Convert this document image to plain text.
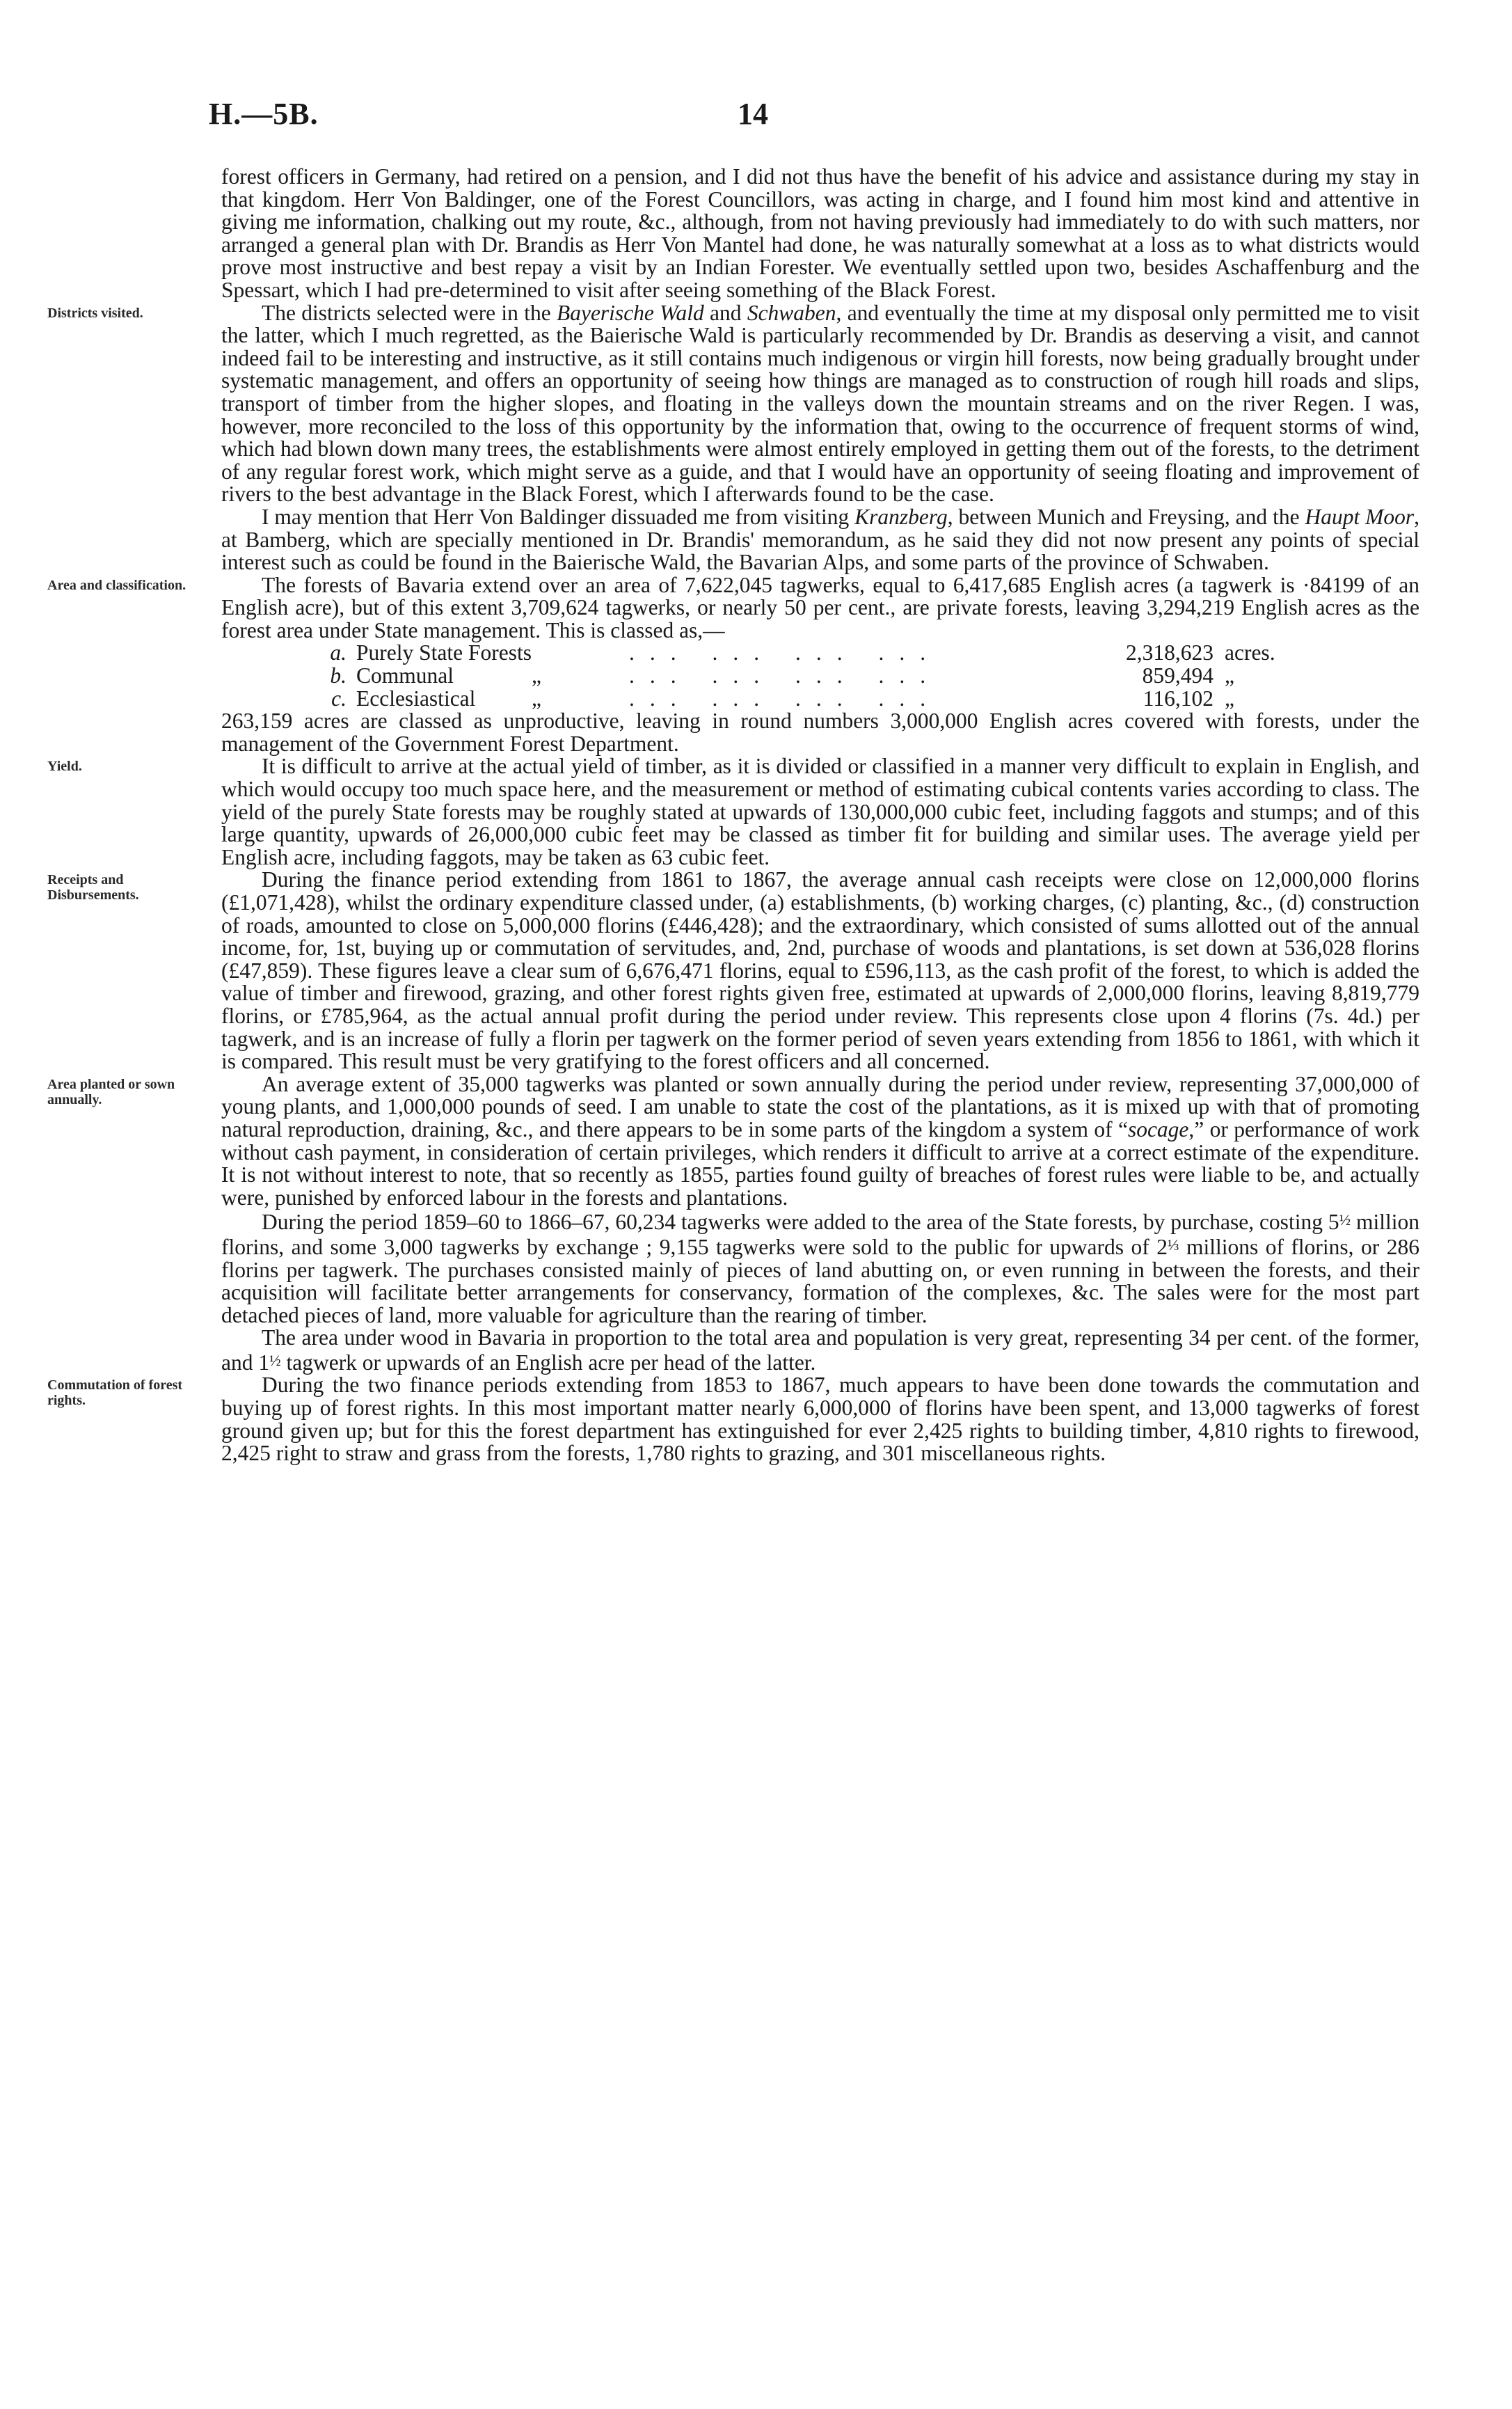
H.—5B.	14

forest officers in Germany, had retired on a pension, and I did not thus have the benefit of his advice and assistance during my stay in that kingdom. Herr Von Baldinger, one of the Forest Councillors, was acting in charge, and I found him most kind and attentive in giving me information, chalking out my route, &c., although, from not having previously had immediately to do with such matters, nor arranged a general plan with Dr. Brandis as Herr Von Mantel had done, he was naturally somewhat at a loss as to what districts would prove most instructive and best repay a visit by an Indian Forester. We eventually settled upon two, besides Aschaffenburg and the Spessart, which I had pre-determined to visit after seeing something of the Black Forest.

Districts visited.	The districts selected were in the Bayerische Wald and Schwaben, and eventually the time at my disposal only permitted me to visit the latter, which I much regretted, as the Baierische Wald is particularly recommended by Dr. Brandis as deserving a visit, and cannot indeed fail to be interesting and instructive, as it still contains much indigenous or virgin hill forests, now being gradually brought under systematic management, and offers an opportunity of seeing how things are managed as to construction of rough hill roads and slips, transport of timber from the higher slopes, and floating in the valleys down the mountain streams and on the river Regen. I was, however, more reconciled to the loss of this opportunity by the information that, owing to the occurrence of frequent storms of wind, which had blown down many trees, the establishments were almost entirely employed in getting them out of the forests, to the detriment of any regular forest work, which might serve as a guide, and that I would have an opportunity of seeing floating and improvement of rivers to the best advantage in the Black Forest, which I afterwards found to be the case.

I may mention that Herr Von Baldinger dissuaded me from visiting Kranzberg, between Munich and Freysing, and the Haupt Moor, at Bamberg, which are specially mentioned in Dr. Brandis' memorandum, as he said they did not now present any points of special interest such as could be found in the Baierische Wald, the Bavarian Alps, and some parts of the province of Schwaben.

Area and classification.	The forests of Bavaria extend over an area of 7,622,045 tagwerks, equal to 6,417,685 English acres (a tagwerk is ·84199 of an English acre), but of this extent 3,709,624 tagwerks, or nearly 50 per cent., are private forests, leaving 3,294,219 English acres as the forest area under State management. This is classed as,—

a.	Purely State Forests		... ... ... ...	2,318,623	acres.
b.	Communal	„	... ... ... ...	859,494	„
c.	Ecclesiastical	„	... ... ... ...	116,102	„

263,159 acres are classed as unproductive, leaving in round numbers 3,000,000 English acres covered with forests, under the management of the Government Forest Department.

Yield.	It is difficult to arrive at the actual yield of timber, as it is divided or classified in a manner very difficult to explain in English, and which would occupy too much space here, and the measurement or method of estimating cubical contents varies according to class. The yield of the purely State forests may be roughly stated at upwards of 130,000,000 cubic feet, including faggots and stumps; and of this large quantity, upwards of 26,000,000 cubic feet may be classed as timber fit for building and similar uses. The average yield per English acre, including faggots, may be taken as 63 cubic feet.

Receipts and Disbursements.

During the finance period extending from 1861 to 1867, the average annual cash receipts were close on 12,000,000 florins (£1,071,428), whilst the ordinary expenditure classed under, (a) establishments, (b) working charges, (c) planting, &c., (d) construction of roads, amounted to close on 5,000,000 florins (£446,428); and the extraordinary, which consisted of sums allotted out of the annual income, for, 1st, buying up or commutation of servitudes, and, 2nd, purchase of woods and plantations, is set down at 536,028 florins (£47,859). These figures leave a clear sum of 6,676,471 florins, equal to £596,113, as the cash profit of the forest, to which is added the value of timber and firewood, grazing, and other forest rights given free, estimated at upwards of 2,000,000 florins, leaving 8,819,779 florins, or £785,964, as the actual annual profit during the period under review. This represents close upon 4 florins (7s. 4d.) per tagwerk, and is an increase of fully a florin per tagwerk on the former period of seven years extending from 1856 to 1861, with which it is compared. This result must be very gratifying to the forest officers and all concerned.

Area planted or sown annually.

An average extent of 35,000 tagwerks was planted or sown annually during the period under review, representing 37,000,000 of young plants, and 1,000,000 pounds of seed. I am unable to state the cost of the plantations, as it is mixed up with that of promoting natural reproduction, draining, &c., and there appears to be in some parts of the kingdom a system of “socage,” or performance of work without cash payment, in consideration of certain privileges, which renders it difficult to arrive at a correct estimate of the expenditure. It is not without interest to note, that so recently as 1855, parties found guilty of breaches of forest rules were liable to be, and actually were, punished by enforced labour in the forests and plantations.

During the period 1859–60 to 1866–67, 60,234 tagwerks were added to the area of the State forests, by purchase, costing 5½ million florins, and some 3,000 tagwerks by exchange ; 9,155 tagwerks were sold to the public for upwards of 2⅓ millions of florins, or 286 florins per tagwerk. The purchases consisted mainly of pieces of land abutting on, or even running in between the forests, and their acquisition will facilitate better arrangements for conservancy, formation of the complexes, &c. The sales were for the most part detached pieces of land, more valuable for agriculture than the rearing of timber.

The area under wood in Bavaria in proportion to the total area and population is very great, representing 34 per cent. of the former, and 1½ tagwerk or upwards of an English acre per head of the latter.

Commutation of forest rights.

During the two finance periods extending from 1853 to 1867, much appears to have been done towards the commutation and buying up of forest rights. In this most important matter nearly 6,000,000 of florins have been spent, and 13,000 tagwerks of forest ground given up; but for this the forest department has extinguished for ever 2,425 rights to building timber, 4,810 rights to firewood, 2,425 right to straw and grass from the forests, 1,780 rights to grazing, and 301 miscellaneous rights.
